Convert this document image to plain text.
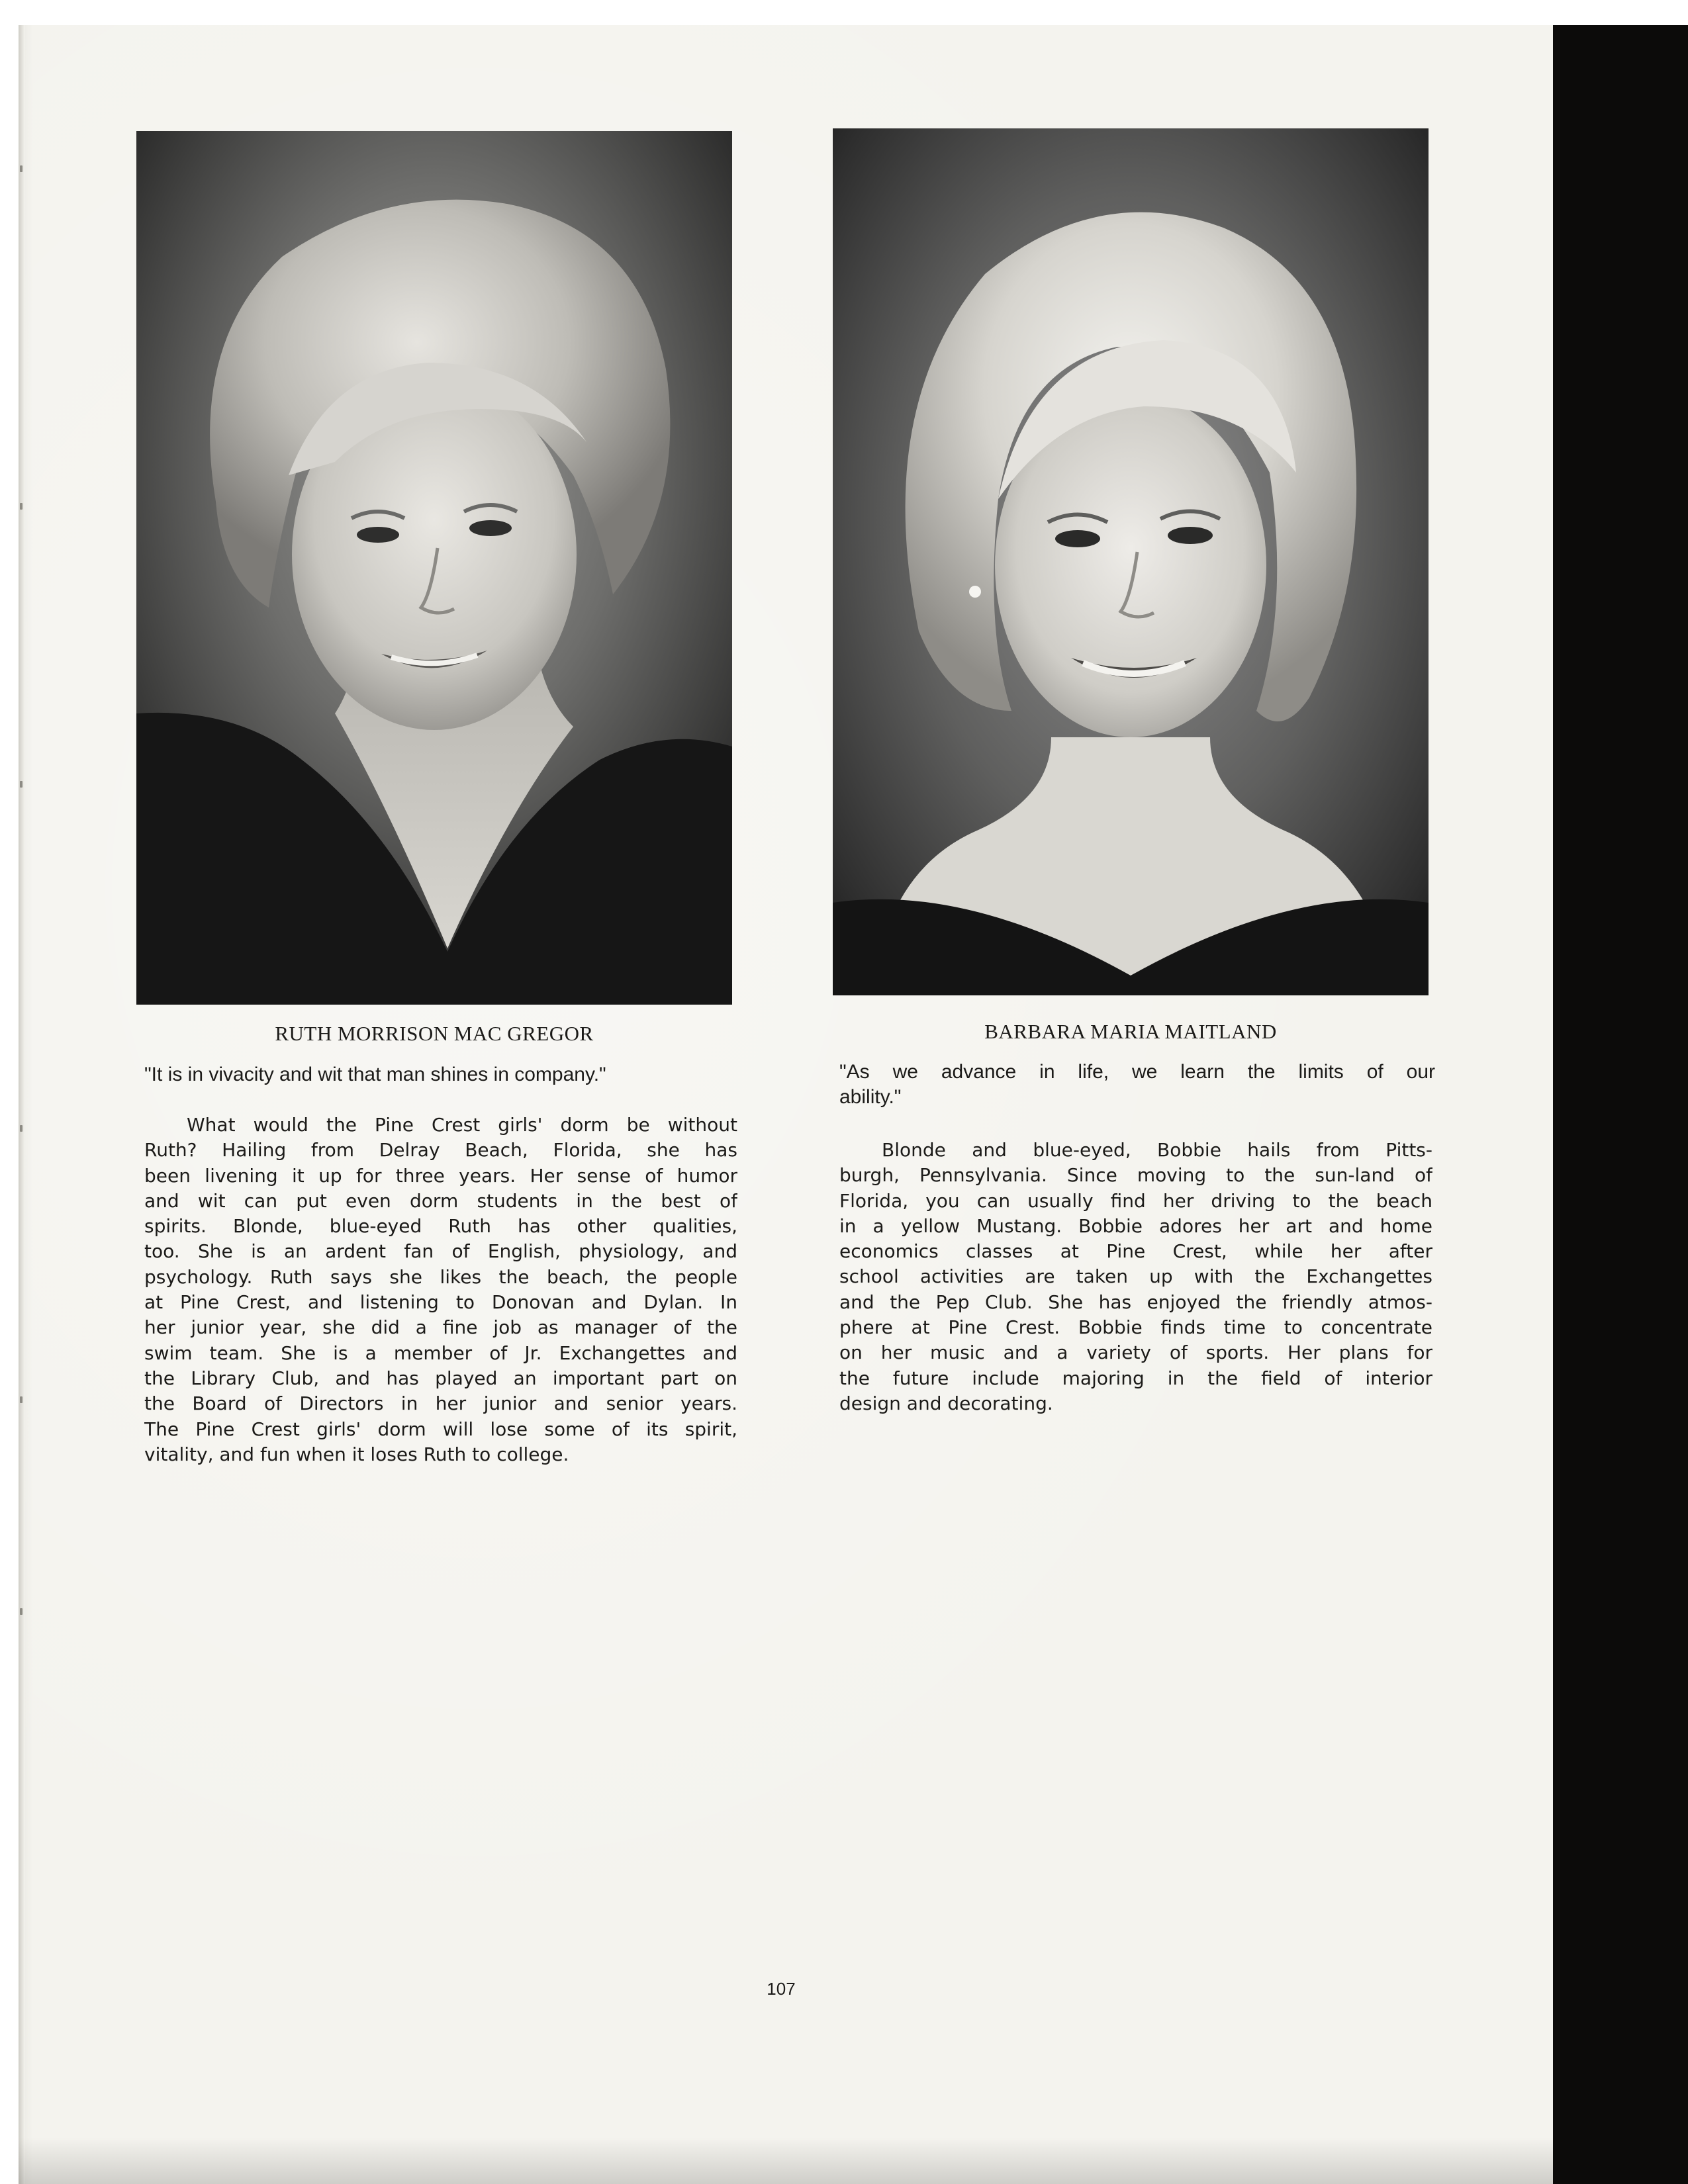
RUTH MORRISON MAC GREGOR	BARBARA MARIA MAITLAND
"It is in vivacity and wit that man shines in company."	"As we advance in life, we learn the limits of our
ability."
What would the Pine Crest girls' dorm be without
Ruth? Hailing from Delray Beach, Florida, she has
been livening it up for three years. Her sense of humor
and wit can put even dorm students in the best of
spirits. Blonde, blue-eyed Ruth has other qualities,
too. She is an ardent fan of English, physiology, and
psychology. Ruth says she likes the beach, the people
at Pine Crest, and listening to Donovan and Dylan. In
her junior year, she did a fine job as manager of the
swim team. She is a member of Jr. Exchangettes and
the Library Club, and has played an important part on
the Board of Directors in her junior and senior years.
The Pine Crest girls' dorm will lose some of its spirit,
vitality, and fun when it loses Ruth to college.
Blonde and blue-eyed, Bobbie hails from Pitts-
burgh, Pennsylvania. Since moving to the sun-land of
Florida, you can usually find her driving to the beach
in a yellow Mustang. Bobbie adores her art and home
economics classes at Pine Crest, while her after
school activities are taken up with the Exchangettes
and the Pep Club. She has enjoyed the friendly atmos-
phere at Pine Crest. Bobbie finds time to concentrate
on her music and a variety of sports. Her plans for
the future include majoring in the field of interior
design and decorating.
107
